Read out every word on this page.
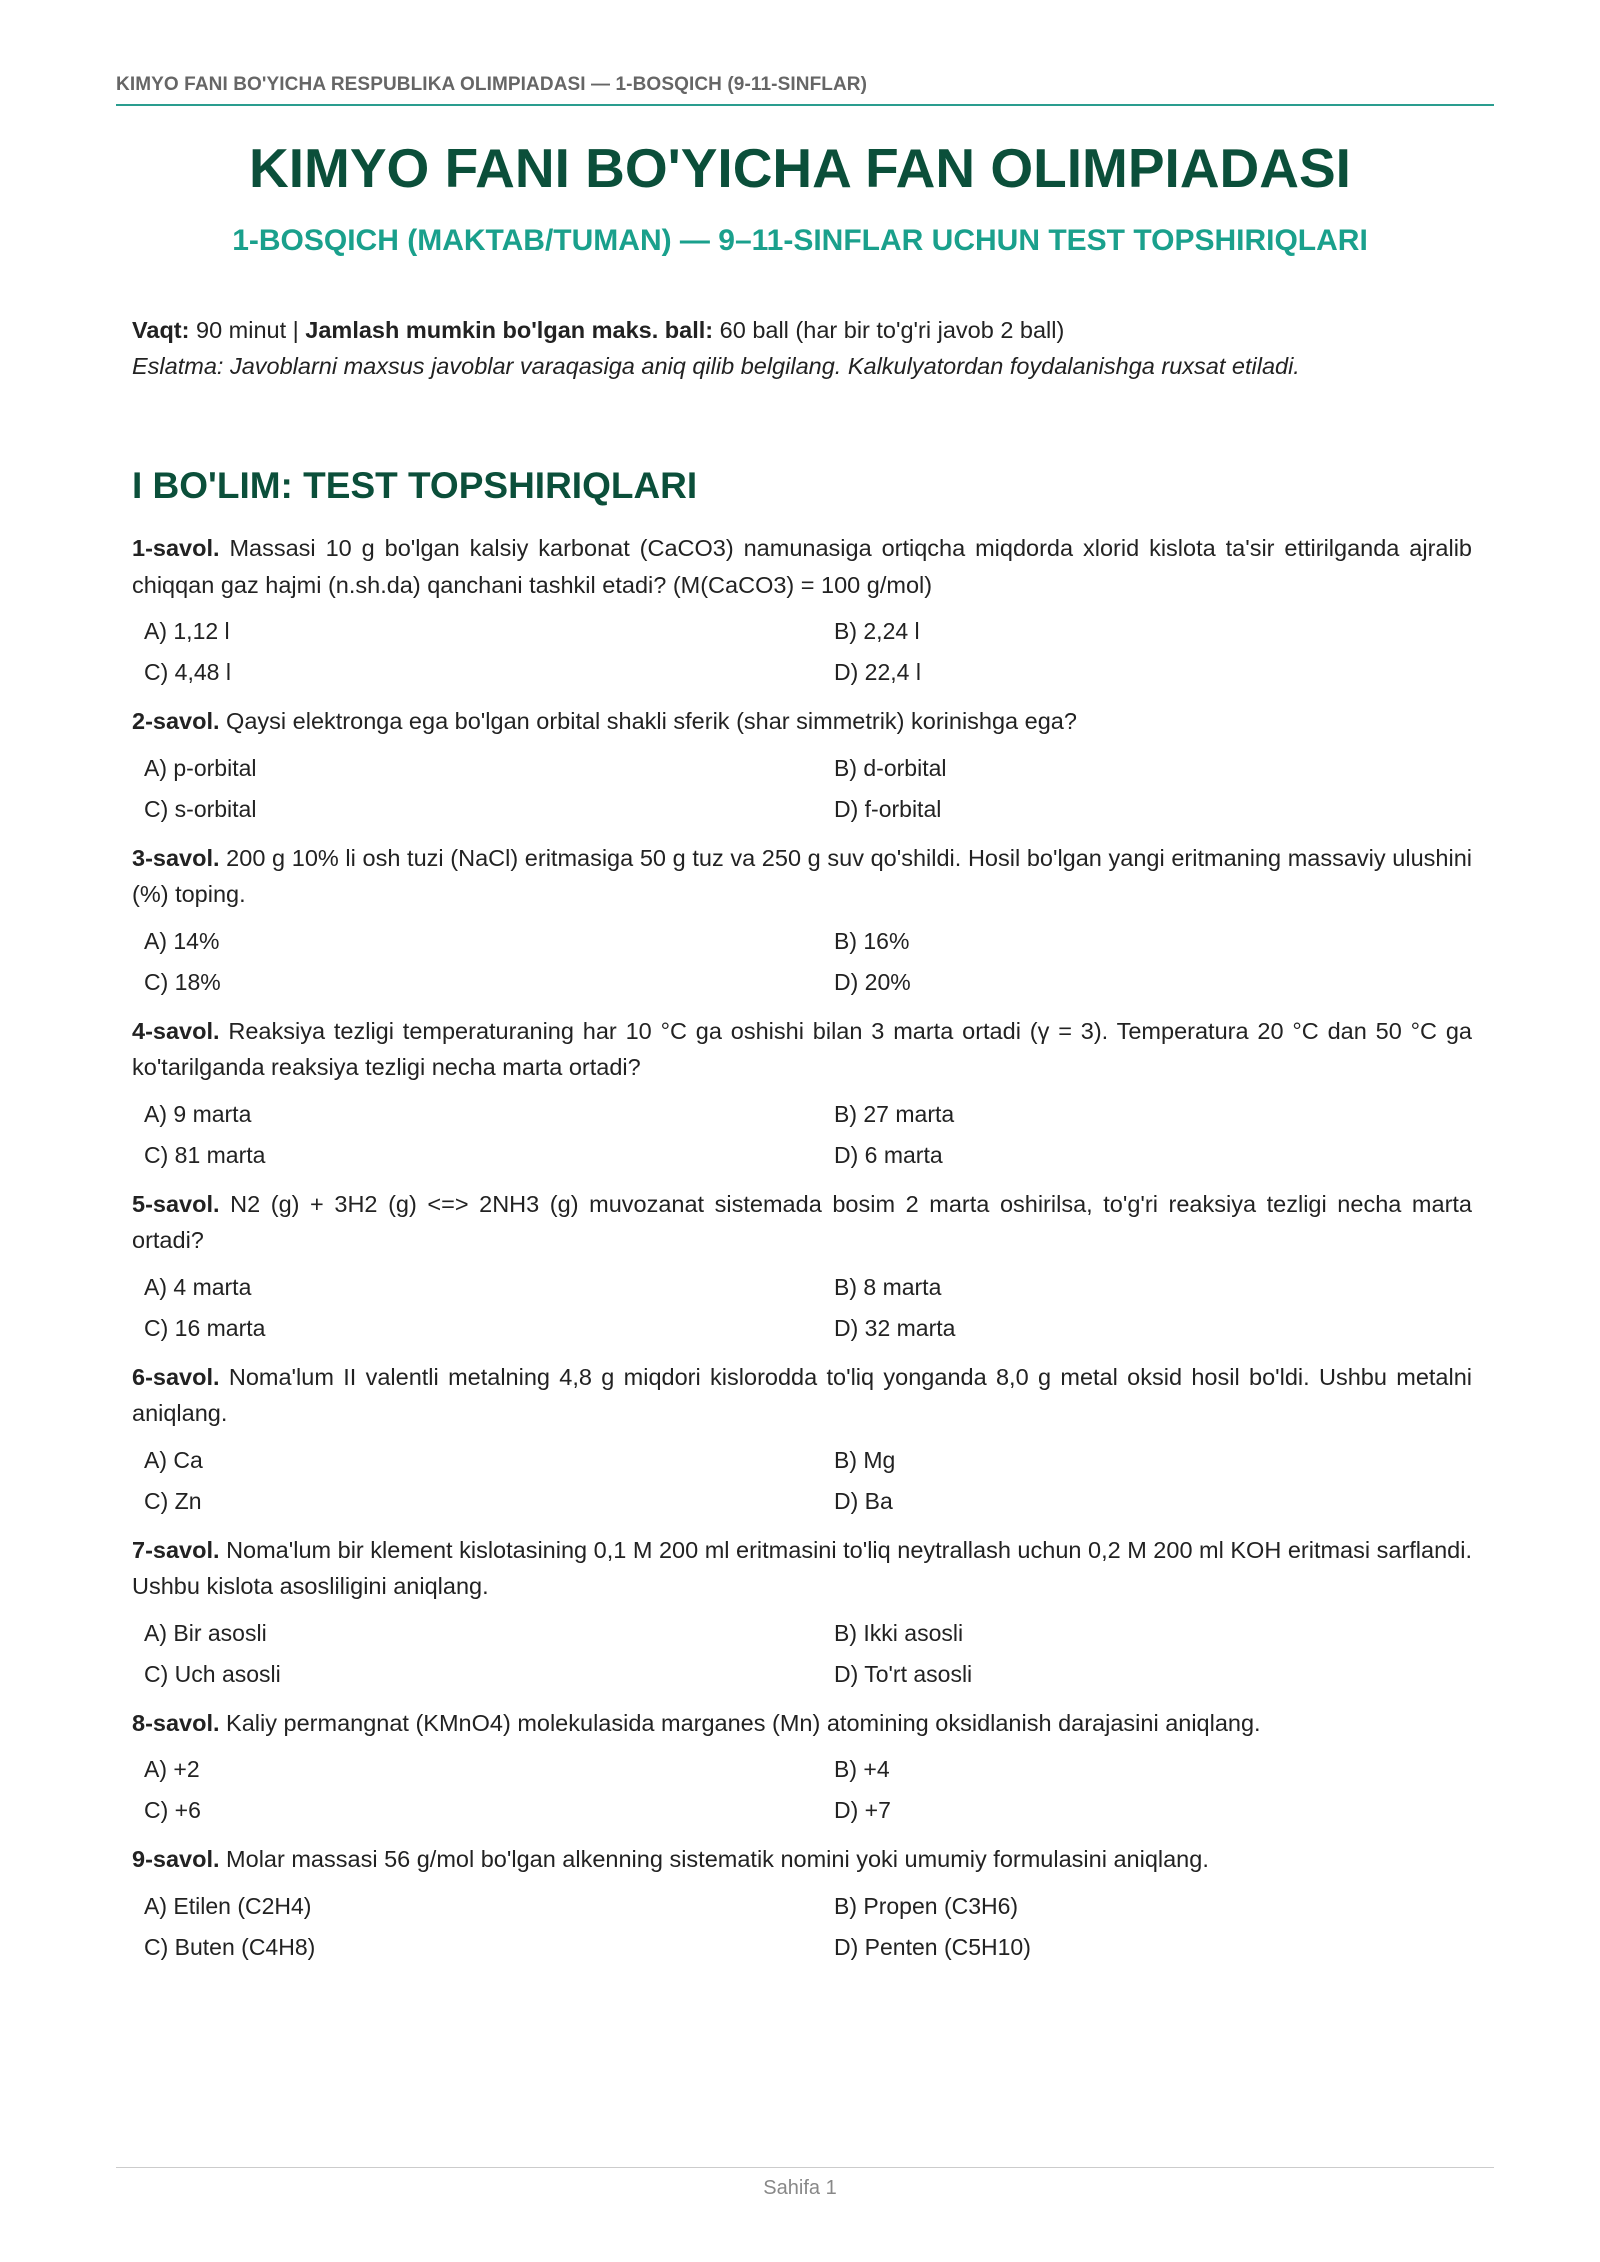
KIMYO FANI BO'YICHA RESPUBLIKA OLIMPIADASI — 1-BOSQICH (9-11-SINFLAR)
KIMYO FANI BO'YICHA FAN OLIMPIADASI
1-BOSQICH (MAKTAB/TUMAN) — 9–11-SINFLAR UCHUN TEST TOPSHIRIQLARI
Vaqt: 90 minut | Jamlash mumkin bo'lgan maks. ball: 60 ball (har bir to'g'ri javob 2 ball)
Eslatma: Javoblarni maxsus javoblar varaqasiga aniq qilib belgilang. Kalkulyatordan foydalanishga ruxsat etiladi.
I BO'LIM: TEST TOPSHIRIQLARI
1-savol. Massasi 10 g bo'lgan kalsiy karbonat (CaCO3) namunasiga ortiqcha miqdorda xlorid kislota ta'sir ettirilganda ajralib chiqqan gaz hajmi (n.sh.da) qanchani tashkil etadi? (M(CaCO3) = 100 g/mol)
A) 1,12 l	B) 2,24 l
C) 4,48 l	D) 22,4 l
2-savol. Qaysi elektronga ega bo'lgan orbital shakli sferik (shar simmetrik) korinishga ega?
A) p-orbital	B) d-orbital
C) s-orbital	D) f-orbital
3-savol. 200 g 10% li osh tuzi (NaCl) eritmasiga 50 g tuz va 250 g suv qo'shildi. Hosil bo'lgan yangi eritmaning massaviy ulushini (%) toping.
A) 14%	B) 16%
C) 18%	D) 20%
4-savol. Reaksiya tezligi temperaturaning har 10 °C ga oshishi bilan 3 marta ortadi (γ = 3). Temperatura 20 °C dan 50 °C ga ko'tarilganda reaksiya tezligi necha marta ortadi?
A) 9 marta	B) 27 marta
C) 81 marta	D) 6 marta
5-savol. N2 (g) + 3H2 (g) <=> 2NH3 (g) muvozanat sistemada bosim 2 marta oshirilsa, to'g'ri reaksiya tezligi necha marta ortadi?
A) 4 marta	B) 8 marta
C) 16 marta	D) 32 marta
6-savol. Noma'lum II valentli metalning 4,8 g miqdori kislorodda to'liq yonganda 8,0 g metal oksid hosil bo'ldi. Ushbu metalni aniqlang.
A) Ca	B) Mg
C) Zn	D) Ba
7-savol. Noma'lum bir klement kislotasining 0,1 M 200 ml eritmasini to'liq neytrallash uchun 0,2 M 200 ml KOH eritmasi sarflandi. Ushbu kislota asosliligini aniqlang.
A) Bir asosli	B) Ikki asosli
C) Uch asosli	D) To'rt asosli
8-savol. Kaliy permangnat (KMnO4) molekulasida marganes (Mn) atomining oksidlanish darajasini aniqlang.
A) +2	B) +4
C) +6	D) +7
9-savol. Molar massasi 56 g/mol bo'lgan alkenning sistematik nomini yoki umumiy formulasini aniqlang.
A) Etilen (C2H4)	B) Propen (C3H6)
C) Buten (C4H8)	D) Penten (C5H10)
Sahifa 1
